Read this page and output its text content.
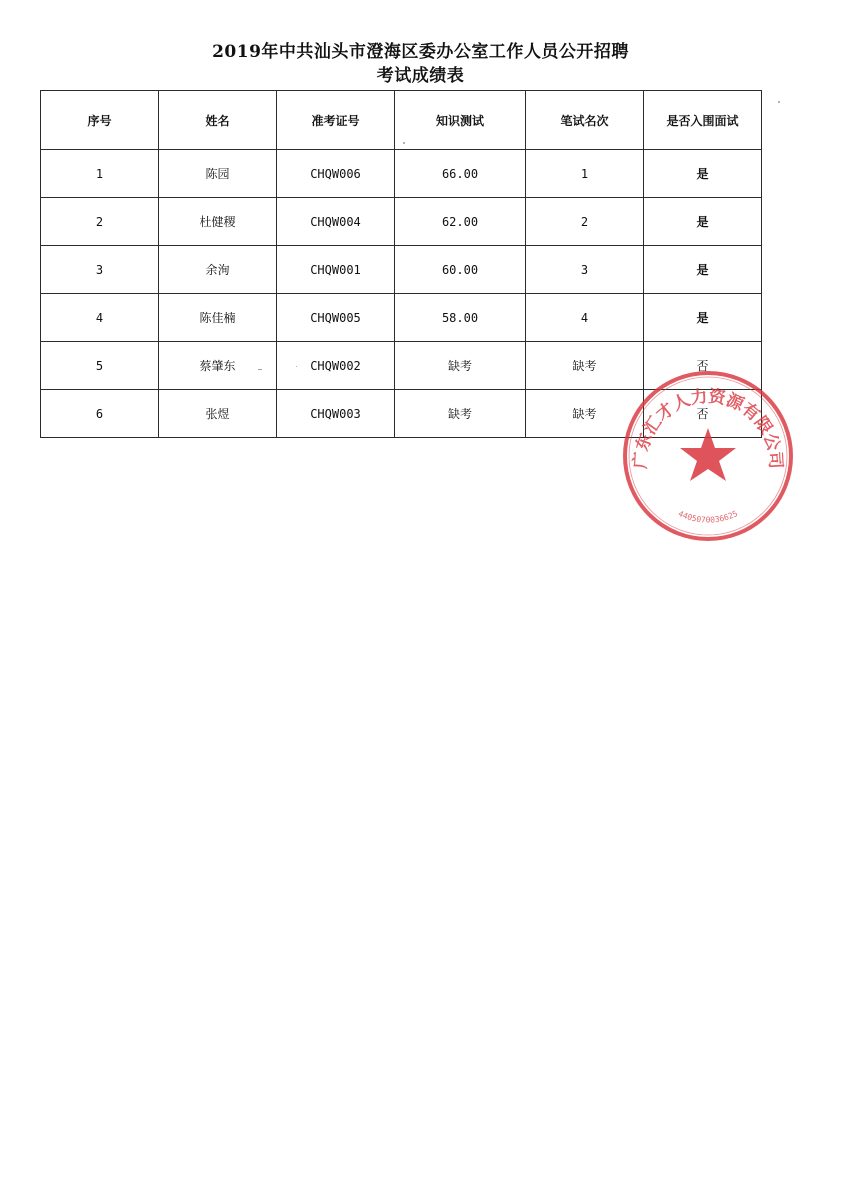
2019年中共汕头市澄海区委办公室工作人员公开招聘
考试成绩表
序号	姓名	准考证号	知识测试	笔试名次	是否入围面试
1	陈园	CHQW006	66.00	1	是
2	杜健稷	CHQW004	62.00	2	是
3	余洵	CHQW001	60.00	3	是
4	陈佳楠	CHQW005	58.00	4	是
5	蔡肇东	CHQW002	缺考	缺考	否
6	张煜	CHQW003	缺考	缺考	否
广东汇才人力资源有限公司
4405070036625
